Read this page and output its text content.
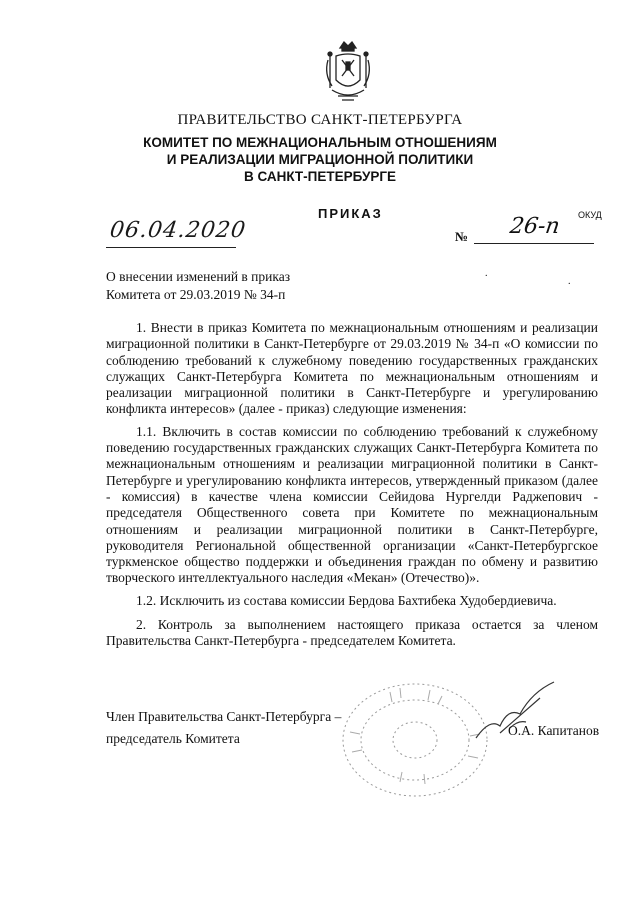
ПРАВИТЕЛЬСТВО САНКТ-ПЕТЕРБУРГА
КОМИТЕТ ПО МЕЖНАЦИОНАЛЬНЫМ ОТНОШЕНИЯМ
И РЕАЛИЗАЦИИ МИГРАЦИОННОЙ ПОЛИТИКИ
В САНКТ-ПЕТЕРБУРГЕ
ПРИКАЗ	ОКУД
06.04.2020	№ 26-п
О внесении изменений в приказ
Комитета от 29.03.2019 № 34-п
.
.

1. Внести в приказ Комитета по межнациональным отношениям и реализации миграционной политики в Санкт-Петербурге от 29.03.2019 № 34-п «О комиссии по соблюдению требований к служебному поведению государственных гражданских служащих Санкт-Петербурга Комитета по межнациональным отношениям и реализации миграционной политики в Санкт-Петербурге и урегулированию конфликта интересов» (далее - приказ) следующие изменения:

1.1. Включить в состав комиссии по соблюдению требований к служебному поведению государственных гражданских служащих Санкт-Петербурга Комитета по межнациональным отношениям и реализации миграционной политики в Санкт-Петербурге и урегулированию конфликта интересов, утвержденный приказом (далее - комиссия) в качестве члена комиссии Сейидова Нургелди Раджепович - председателя Общественного совета при Комитете по межнациональным отношениям и реализации миграционной политики в Санкт-Петербурге, руководителя Региональной общественной организации «Санкт-Петербургское туркменское общество поддержки и объединения граждан по обмену и развитию творческого интеллектуального наследия «Мекан» (Отечество)».

1.2. Исключить из состава комиссии Бердова Бахтибека Худобердиевича.

2. Контроль за выполнением настоящего приказа остается за членом Правительства Санкт-Петербурга - председателем Комитета.

Член Правительства Санкт-Петербурга –
председатель Комитета
О.А. Капитанов
